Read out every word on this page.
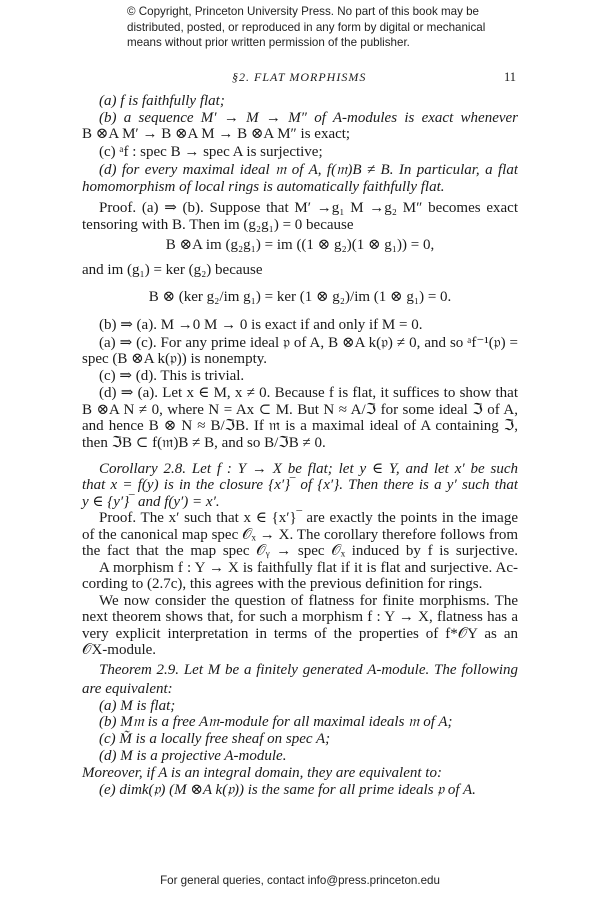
© Copyright, Princeton University Press. No part of this book may be distributed, posted, or reproduced in any form by digital or mechanical means without prior written permission of the publisher.
§2. FLAT MORPHISMS	11
(a) f is faithfully flat;
(b) a sequence M′ → M → M″ of A-modules is exact whenever
B ⊗A M′ → B ⊗A M → B ⊗A M″ is exact;
(c) ᵃf : spec B → spec A is surjective;
(d) for every maximal ideal 𝔪 of A, f(𝔪)B ≠ B. In particular, a flat
homomorphism of local rings is automatically faithfully flat.
Proof. (a) ⇒ (b). Suppose that M′ →g₁ M →g₂ M″ becomes exact
tensoring with B. Then im (g₂g₁) = 0 because
B ⊗A im (g₂g₁) = im ((1 ⊗ g₂)(1 ⊗ g₁)) = 0,
and im (g₁) = ker (g₂) because
B ⊗ (ker g₂/im g₁) = ker (1 ⊗ g₂)/im (1 ⊗ g₁) = 0.
(b) ⇒ (a). M →0 M → 0 is exact if and only if M = 0.
(a) ⇒ (c). For any prime ideal 𝔭 of A, B ⊗A k(𝔭) ≠ 0, and so ᵃf⁻¹(𝔭) =
spec (B ⊗A k(𝔭)) is nonempty.
(c) ⇒ (d). This is trivial.
(d) ⇒ (a). Let x ∈ M, x ≠ 0. Because f is flat, it suffices to show that
B ⊗A N ≠ 0, where N = Ax ⊂ M. But N ≈ A/ℑ for some ideal ℑ of A,
and hence B ⊗ N ≈ B/ℑB. If 𝔪 is a maximal ideal of A containing ℑ,
then ℑB ⊂ f(𝔪)B ≠ B, and so B/ℑB ≠ 0.
Corollary 2.8. Let f : Y → X be flat; let y ∈ Y, and let x′ be such
that x = f(y) is in the closure {x′}‾ of {x′}. Then there is a y′ such that
y ∈ {y′}‾ and f(y′) = x′.
Proof. The x′ such that x ∈ {x′}‾ are exactly the points in the image
of the canonical map spec 𝒪ₓ → X. The corollary therefore follows from
the fact that the map spec 𝒪ᵧ → spec 𝒪ₓ induced by f is surjective.
A morphism f : Y → X is faithfully flat if it is flat and surjective. Ac-
cording to (2.7c), this agrees with the previous definition for rings.
We now consider the question of flatness for finite morphisms. The
next theorem shows that, for such a morphism f : Y → X, flatness has a
very explicit interpretation in terms of the properties of f*𝒪Y as an
𝒪X-module.
Theorem 2.9. Let M be a finitely generated A-module. The following
are equivalent:
(a) M is flat;
(b) M𝔪 is a free A𝔪-module for all maximal ideals 𝔪 of A;
(c) M̃ is a locally free sheaf on spec A;
(d) M is a projective A-module.
Moreover, if A is an integral domain, they are equivalent to:
(e) dimk(𝔭) (M ⊗A k(𝔭)) is the same for all prime ideals 𝔭 of A.
For general queries, contact info@press.princeton.edu
